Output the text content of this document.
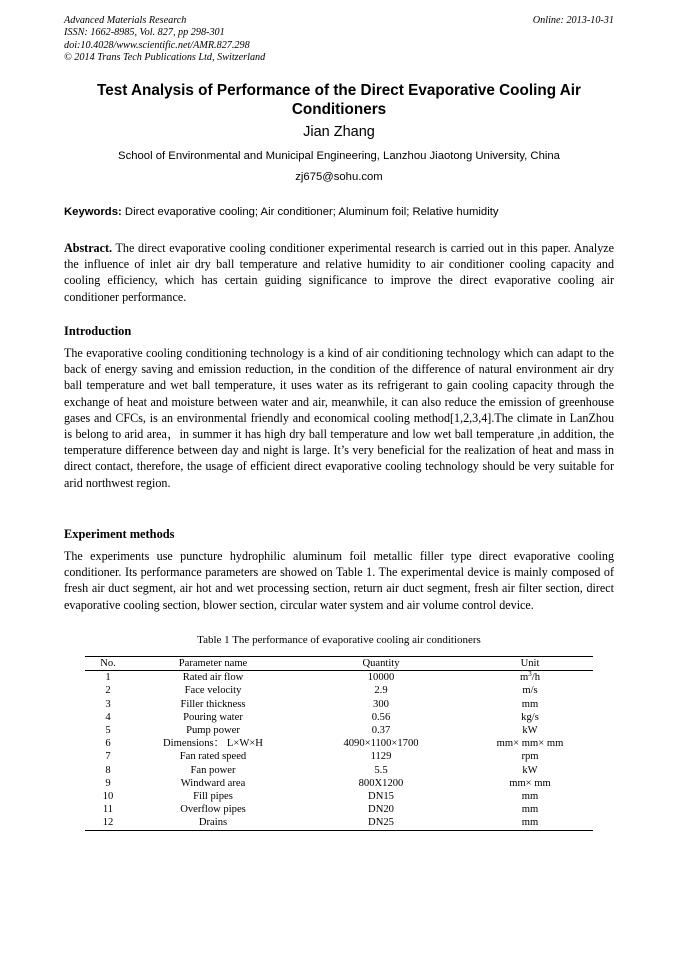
Advanced Materials Research
ISSN: 1662-8985, Vol. 827, pp 298-301
doi:10.4028/www.scientific.net/AMR.827.298
© 2014 Trans Tech Publications Ltd, Switzerland
Online: 2013-10-31
Test Analysis of Performance of the Direct Evaporative Cooling Air Conditioners
Jian Zhang
School of Environmental and Municipal Engineering, Lanzhou Jiaotong University, China
zj675@sohu.com
Keywords: Direct evaporative cooling; Air conditioner; Aluminum foil; Relative humidity

Abstract. The direct evaporative cooling conditioner experimental research is carried out in this paper. Analyze the influence of inlet air dry ball temperature and relative humidity to air conditioner cooling capacity and cooling efficiency, which has certain guiding significance to improve the direct evaporative cooling air conditioner performance.

Introduction

The evaporative cooling conditioning technology is a kind of air conditioning technology which can adapt to the back of energy saving and emission reduction, in the condition of the difference of natural environment air dry ball temperature and wet ball temperature, it uses water as its refrigerant to gain cooling capacity through the exchange of heat and moisture between water and air, meanwhile, it can also reduce the emission of greenhouse gases and CFCs, is an environmental friendly and economical cooling method[1,2,3,4].The climate in LanZhou is belong to arid area，in summer it has high dry ball temperature and low wet ball temperature ,in addition, the temperature difference between day and night is large. It’s very beneficial for the realization of heat and mass in direct contact, therefore, the usage of efficient direct evaporative cooling technology should be very suitable for arid northwest region.

Experiment methods

The experiments use puncture hydrophilic aluminum foil metallic filler type direct evaporative cooling conditioner. Its performance parameters are showed on Table 1. The experimental device is mainly composed of fresh air duct segment, air hot and wet processing section, return air duct segment, fresh air filter section, direct evaporative cooling section, blower section, circular water system and air volume control device.

Table 1 The performance of evaporative cooling air conditioners
No.	Parameter name	Quantity	Unit
1	Rated air flow	10000	$m^3/h$
2	Face velocity	2.9	m/s
3	Filler thickness	300	mm
4	Pouring water	0.56	kg/s
5	Pump power	0.37	kW
6	Dimensions： L×W×H	4090×1100×1700	mm× mm× mm
7	Fan rated speed	1129	rpm
8	Fan power	5.5	kW
9	Windward area	800X1200	mm× mm
10	Fill pipes	DN15	mm
11	Overflow pipes	DN20	mm
12	Drains	DN25	mm
